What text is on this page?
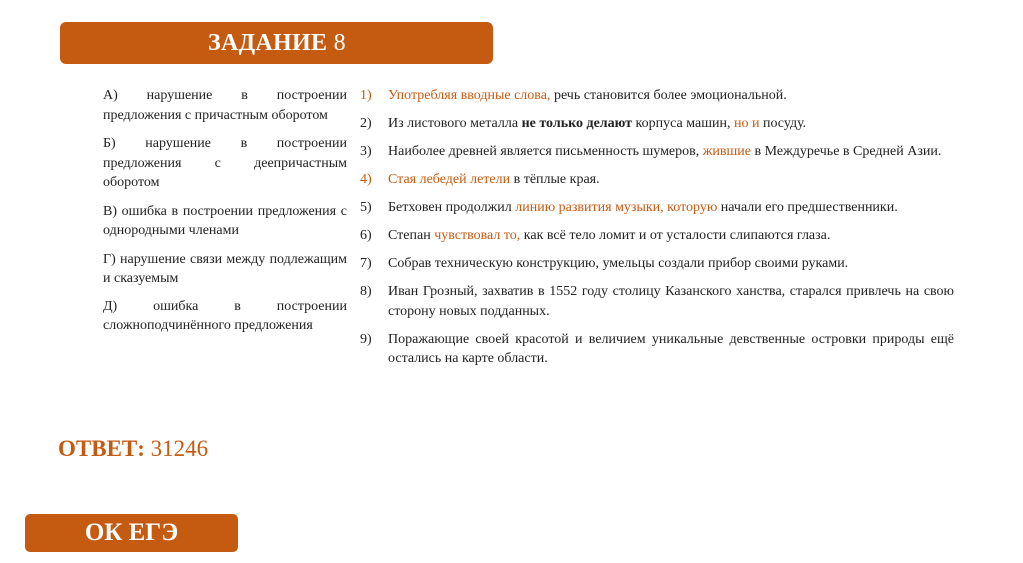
ЗАДАНИЕ 8
А) нарушение в построении предложения с причастным оборотом
Б) нарушение в построении предложения с деепричастным оборотом
В) ошибка в построении предложения с однородными членами
Г) нарушение связи между подлежащим и сказуемым
Д) ошибка в построении сложноподчинённого предложения
1)	Употребляя вводные слова, речь становится более эмоциональной.
2)	Из листового металла не только делают корпуса машин, но и посуду.
3)	Наиболее древней является письменность шумеров, жившие в Междуречье в Средней Азии.
4)	Стая лебедей летели в тёплые края.
5)	Бетховен продолжил линию развития музыки, которую начали его предшественники.
6)	Степан чувствовал то, как всё тело ломит и от усталости слипаются глаза.
7)	Собрав техническую конструкцию, умельцы создали прибор своими руками.
8)	Иван Грозный, захватив в 1552 году столицу Казанского ханства, старался привлечь на свою сторону новых подданных.
9)	Поражающие своей красотой и величием уникальные девственные островки природы ещё остались на карте области.
ОТВЕТ: 31246
ОК ЕГЭ
